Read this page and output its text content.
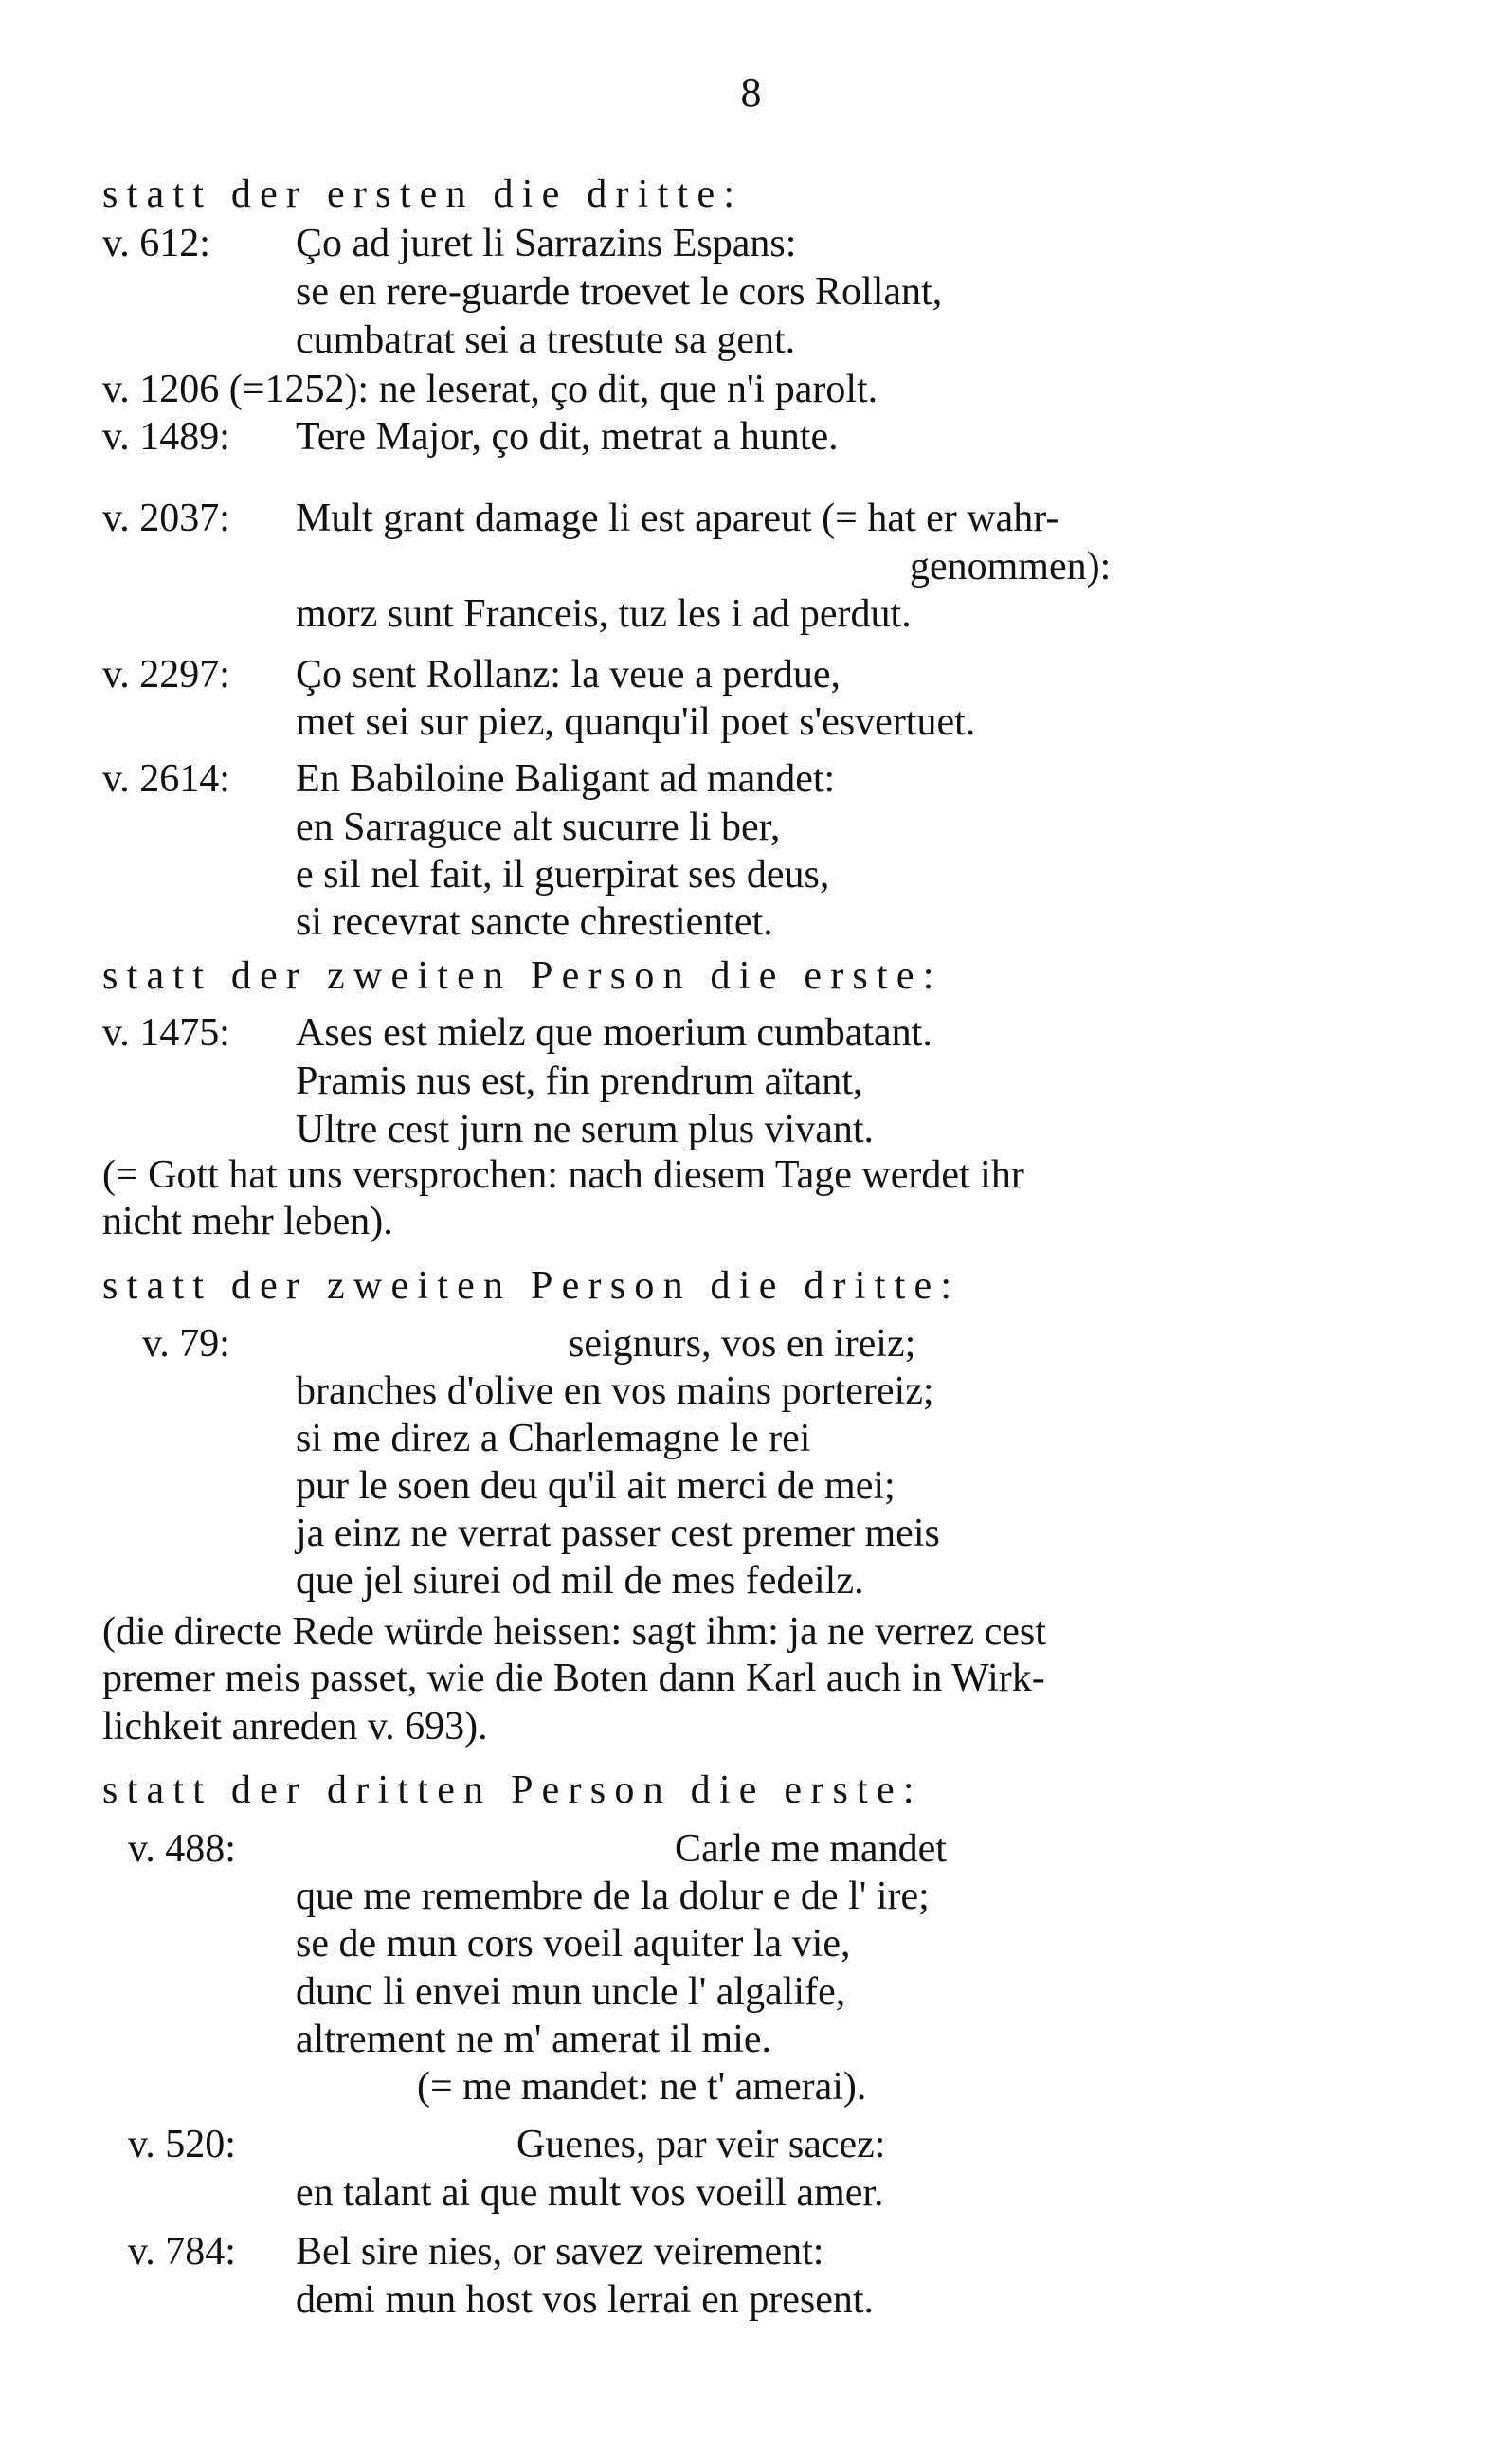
8
statt der ersten die dritte:
v. 612: Ço ad juret li Sarrazins Espans:
se en rere-guarde troevet le cors Rollant,
cumbatrat sei a trestute sa gent.
v. 1206 (=1252): ne leserat, ço dit, que n'i parolt.
v. 1489: Tere Major, ço dit, metrat a hunte.
v. 2037: Mult grant damage li est apareut (= hat er wahr-
genommen):
morz sunt Franceis, tuz les i ad perdut.
v. 2297: Ço sent Rollanz: la veue a perdue,
met sei sur piez, quanqu'il poet s'esvertuet.
v. 2614: En Babiloine Baligant ad mandet:
en Sarraguce alt sucurre li ber,
e sil nel fait, il guerpirat ses deus,
si recevrat sancte chrestientet.
statt der zweiten Person die erste:
v. 1475: Ases est mielz que moerium cumbatant.
Pramis nus est, fin prendrum aïtant,
Ultre cest jurn ne serum plus vivant.
(= Gott hat uns versprochen: nach diesem Tage werdet ihr
nicht mehr leben).
statt der zweiten Person die dritte:
v. 79:	seignurs, vos en ireiz;
branches d'olive en vos mains portereiz;
si me direz a Charlemagne le rei
pur le soen deu qu'il ait merci de mei;
ja einz ne verrat passer cest premer meis
que jel siurei od mil de mes fedeilz.
(die directe Rede würde heissen: sagt ihm: ja ne verrez cest
premer meis passet, wie die Boten dann Karl auch in Wirk-
lichkeit anreden v. 693).
statt der dritten Person die erste:
v. 488:	Carle me mandet
que me remembre de la dolur e de l' ire;
se de mun cors voeil aquiter la vie,
dunc li envei mun uncle l' algalife,
altrement ne m' amerat il mie.
(= me mandet: ne t' amerai).
v. 520:	Guenes, par veir sacez:
en talant ai que mult vos voeill amer.
v. 784: Bel sire nies, or savez veirement:
demi mun host vos lerrai en present.
